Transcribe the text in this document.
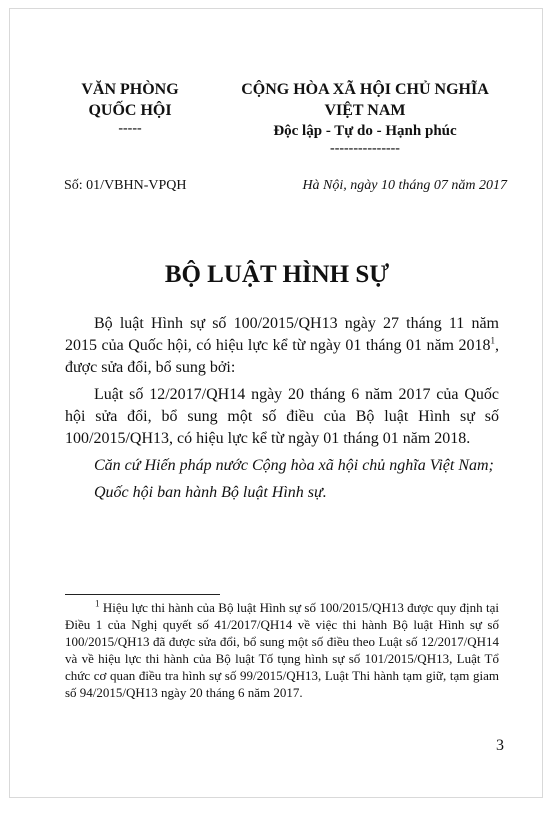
VĂN PHÒNG
QUỐC HỘI
-----
CỘNG HÒA XÃ HỘI CHỦ NGHĨA
VIỆT NAM
Độc lập - Tự do - Hạnh phúc
---------------
Số: 01/VBHN-VPQH	Hà Nội, ngày 10 tháng 07 năm 2017
BỘ LUẬT HÌNH SỰ

Bộ luật Hình sự số 100/2015/QH13 ngày 27 tháng 11 năm 2015 của Quốc hội, có hiệu lực kể từ ngày 01 tháng 01 năm 2018$^1$, được sửa đổi, bổ sung bởi:

Luật số 12/2017/QH14 ngày 20 tháng 6 năm 2017 của Quốc hội sửa đổi, bổ sung một số điều của Bộ luật Hình sự số 100/2015/QH13, có hiệu lực kể từ ngày 01 tháng 01 năm 2018.

Căn cứ Hiến pháp nước Cộng hòa xã hội chủ nghĩa Việt Nam;

Quốc hội ban hành Bộ luật Hình sự.

$^1$ Hiệu lực thi hành của Bộ luật Hình sự số 100/2015/QH13 được quy định tại Điều 1 của Nghị quyết số 41/2017/QH14 về việc thi hành Bộ luật Hình sự số 100/2015/QH13 đã được sửa đổi, bổ sung một số điều theo Luật số 12/2017/QH14 và về hiệu lực thi hành của Bộ luật Tố tụng hình sự số 101/2015/QH13, Luật Tổ chức cơ quan điều tra hình sự số 99/2015/QH13, Luật Thi hành tạm giữ, tạm giam số 94/2015/QH13 ngày 20 tháng 6 năm 2017.
3
